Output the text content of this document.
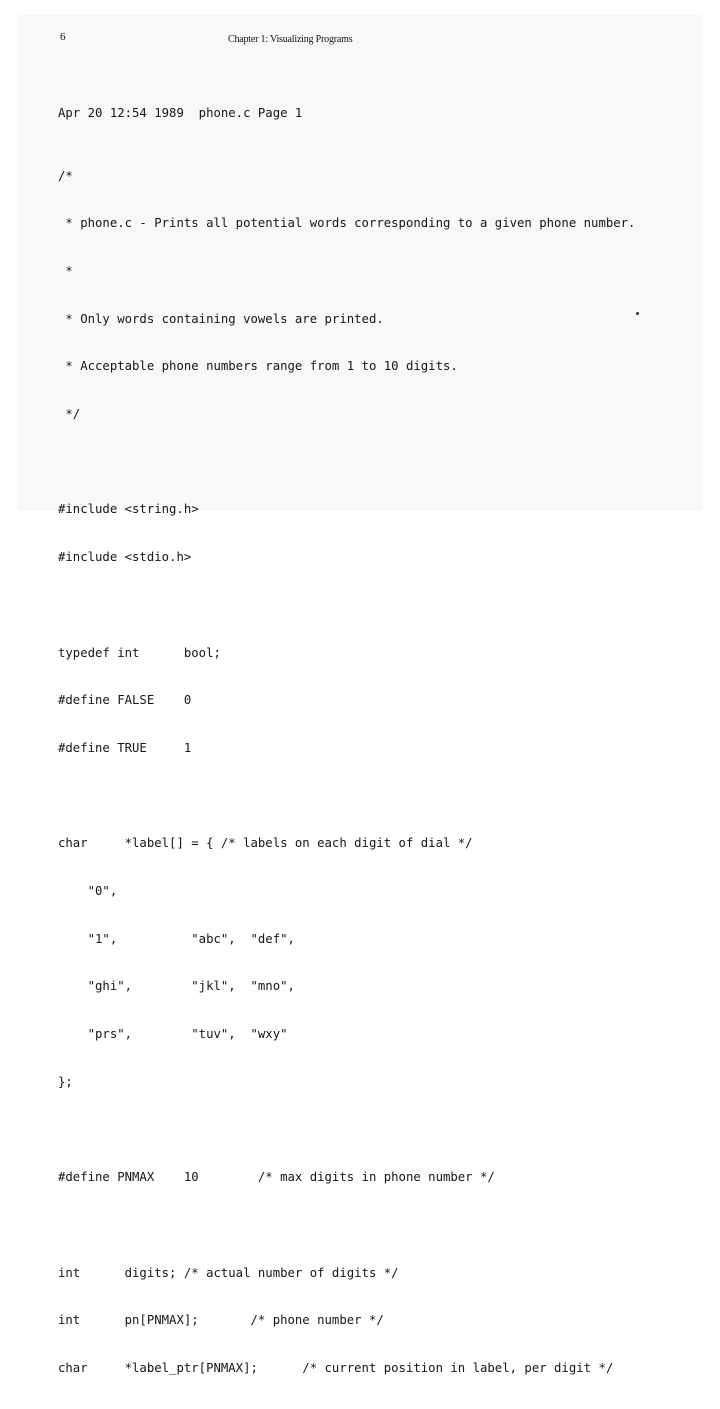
6	Chapter 1: Visualizing Programs

Apr 20 12:54 1989  phone.c Page 1

/*

* phone.c - Prints all potential words corresponding to a given phone number.

*

* Only words containing vowels are printed.

* Acceptable phone numbers range from 1 to 10 digits.

*/

#include <string.h>

#include <stdio.h>

typedef int      bool;

#define FALSE    0

#define TRUE     1

char     *label[] = { /* labels on each digit of dial */

"0",

"1",          "abc",  "def",

"ghi",        "jkl",  "mno",

"prs",        "tuv",  "wxy"

};

#define PNMAX    10        /* max digits in phone number */

int      digits; /* actual number of digits */

int      pn[PNMAX];       /* phone number */

char     *label_ptr[PNMAX];      /* current position in label, per digit */
